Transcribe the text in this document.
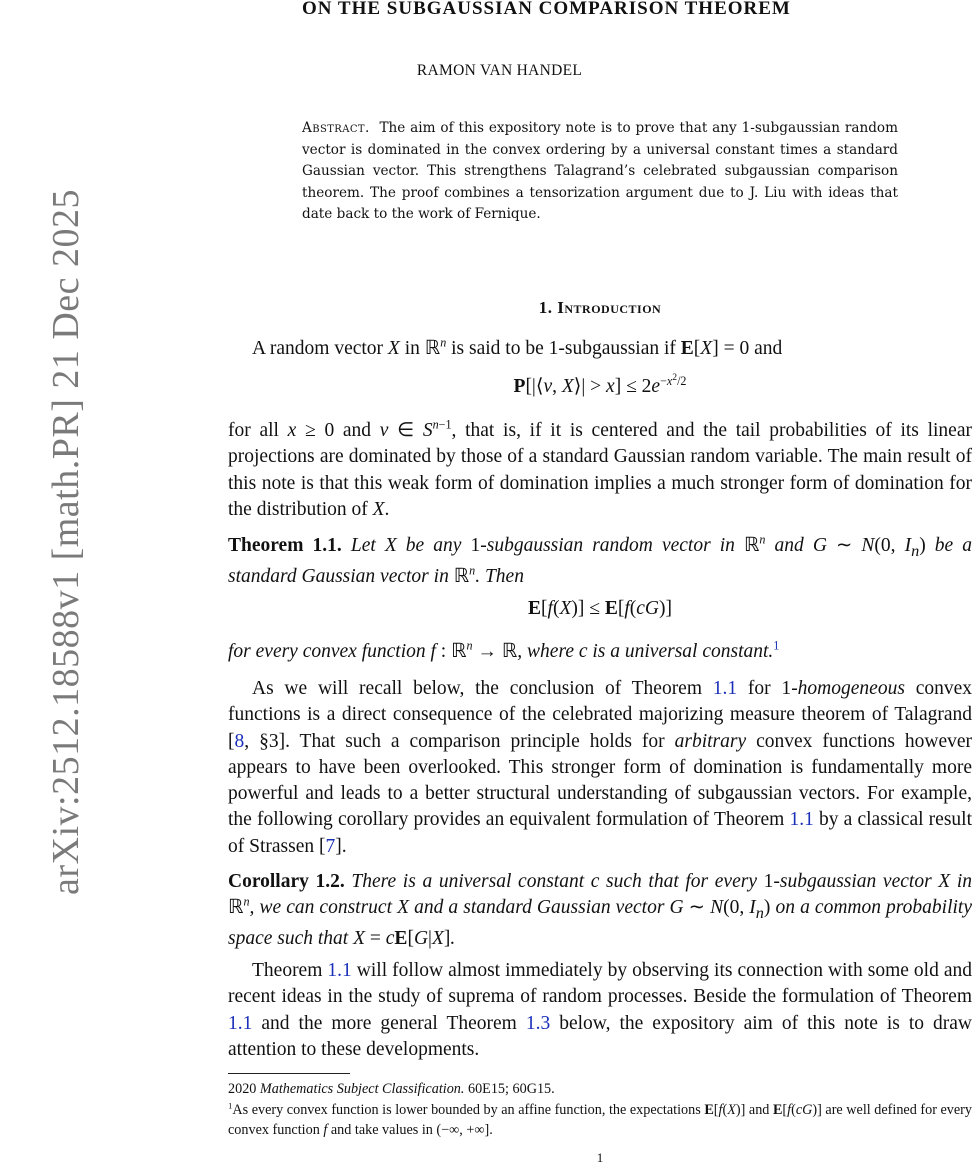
arXiv:2512.18588v1 [math.PR] 21 Dec 2025
ON THE SUBGAUSSIAN COMPARISON THEOREM

RAMON VAN HANDEL

Abstract. The aim of this expository note is to prove that any 1-subgaussian random vector is dominated in the convex ordering by a universal constant times a standard Gaussian vector. This strengthens Talagrand’s celebrated subgaussian comparison theorem. The proof combines a tensorization argument due to J. Liu with ideas that date back to the work of Fernique.

1. Introduction

A random vector X in ℝ$^n$ is said to be 1-subgaussian if E[X] = 0 and

P[|⟨v, X⟩| > $x] \le 2e^{-x^2/2}$

for all x ≥ 0 and v ∈ $S^{n-1}$, that is, if it is centered and the tail probabilities of its linear projections are dominated by those of a standard Gaussian random variable. The main result of this note is that this weak form of domination implies a much stronger form of domination for the distribution of X.

Theorem 1.1. Let X be any 1-subgaussian random vector in ℝ$^n$ and G ∼ N(0, $I_n$) be a standard Gaussian vector in ℝ$^n$. Then

E[f(X)] ≤ E[f(cG)]

for every convex function f : ℝ$^n$ → ℝ, where c is a universal constant.$^1$

As we will recall below, the conclusion of Theorem 1.1 for 1-homogeneous convex functions is a direct consequence of the celebrated majorizing measure theorem of Talagrand [8, §3]. That such a comparison principle holds for arbitrary convex functions however appears to have been overlooked. This stronger form of domination is fundamentally more powerful and leads to a better structural understanding of subgaussian vectors. For example, the following corollary provides an equivalent formulation of Theorem 1.1 by a classical result of Strassen [7].

Corollary 1.2. There is a universal constant c such that for every 1-subgaussian vector X in ℝ$^n$, we can construct X and a standard Gaussian vector G ∼ N(0, $I_n$) on a common probability space such that X = cE[G|X].

Theorem 1.1 will follow almost immediately by observing its connection with some old and recent ideas in the study of suprema of random processes. Beside the formulation of Theorem 1.1 and the more general Theorem 1.3 below, the expository aim of this note is to draw attention to these developments.

2020 Mathematics Subject Classification. 60E15; 60G15.

$^1$As every convex function is lower bounded by an affine function, the expectations E[f(X)] and E[f(cG)] are well defined for every convex function f and take values in (−∞, +∞].

1
